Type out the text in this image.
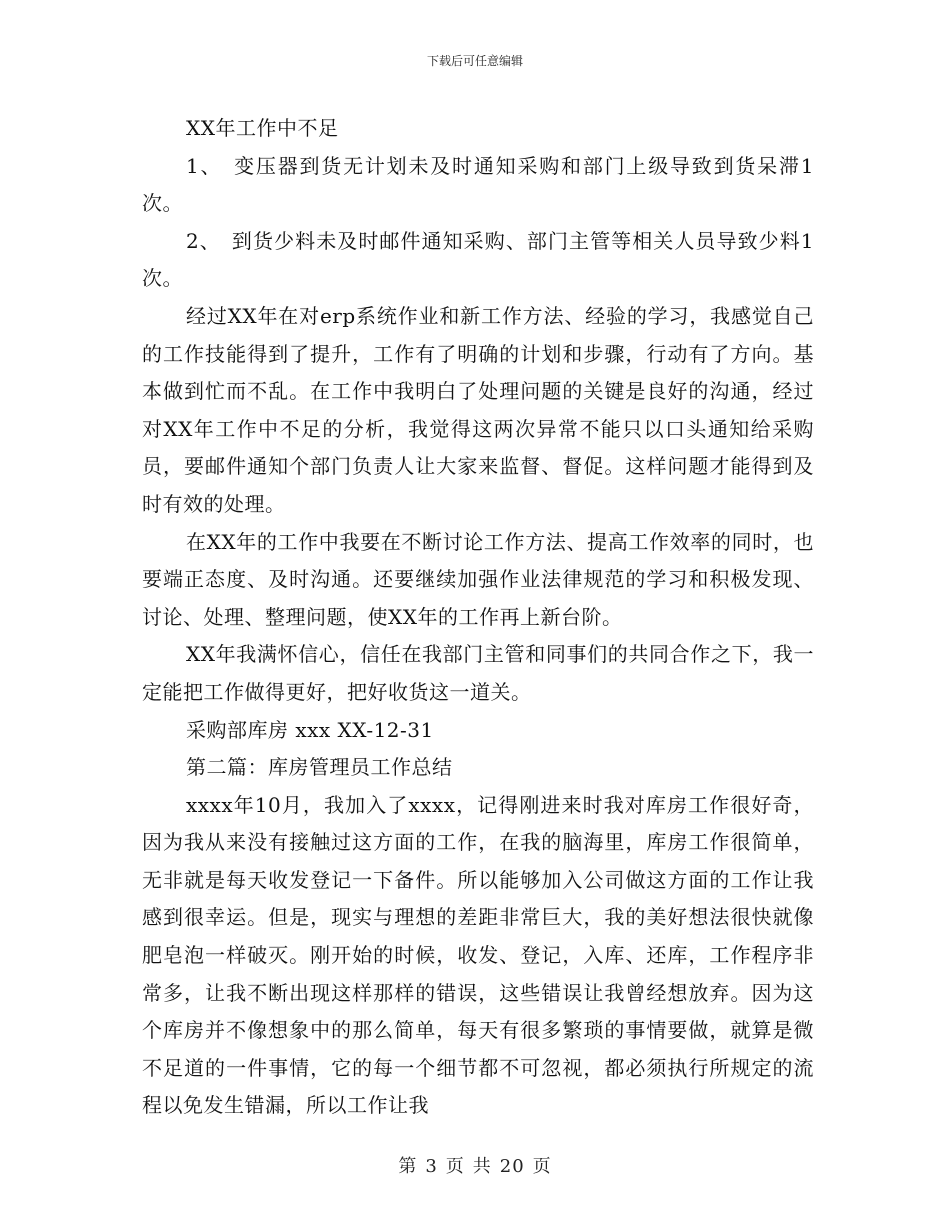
下载后可任意编辑

XX年工作中不足

1、　变压器到货无计划未及时通知采购和部门上级导致到货呆滞1次。

2、　到货少料未及时邮件通知采购、部门主管等相关人员导致少料1次。

经过XX年在对erp系统作业和新工作方法、经验的学习，我感觉自己的工作技能得到了提升，工作有了明确的计划和步骤，行动有了方向。基本做到忙而不乱。在工作中我明白了处理问题的关键是良好的沟通，经过对XX年工作中不足的分析，我觉得这两次异常不能只以口头通知给采购员，要邮件通知个部门负责人让大家来监督、督促。这样问题才能得到及时有效的处理。

在XX年的工作中我要在不断讨论工作方法、提高工作效率的同时，也要端正态度、及时沟通。还要继续加强作业法律规范的学习和积极发现、讨论、处理、整理问题，使XX年的工作再上新台阶。

XX年我满怀信心，信任在我部门主管和同事们的共同合作之下，我一定能把工作做得更好，把好收货这一道关。

采购部库房 xxx XX-12-31

第二篇：库房管理员工作总结

xxxx年10月，我加入了xxxx，记得刚进来时我对库房工作很好奇，因为我从来没有接触过这方面的工作，在我的脑海里，库房工作很简单，无非就是每天收发登记一下备件。所以能够加入公司做这方面的工作让我感到很幸运。但是，现实与理想的差距非常巨大，我的美好想法很快就像肥皂泡一样破灭。刚开始的时候，收发、登记，入库、还库，工作程序非常多，让我不断出现这样那样的错误，这些错误让我曾经想放弃。因为这个库房并不像想象中的那么简单，每天有很多繁琐的事情要做，就算是微不足道的一件事情，它的每一个细节都不可忽视，都必须执行所规定的流程以免发生错漏，所以工作让我

第 3 页 共 20 页
